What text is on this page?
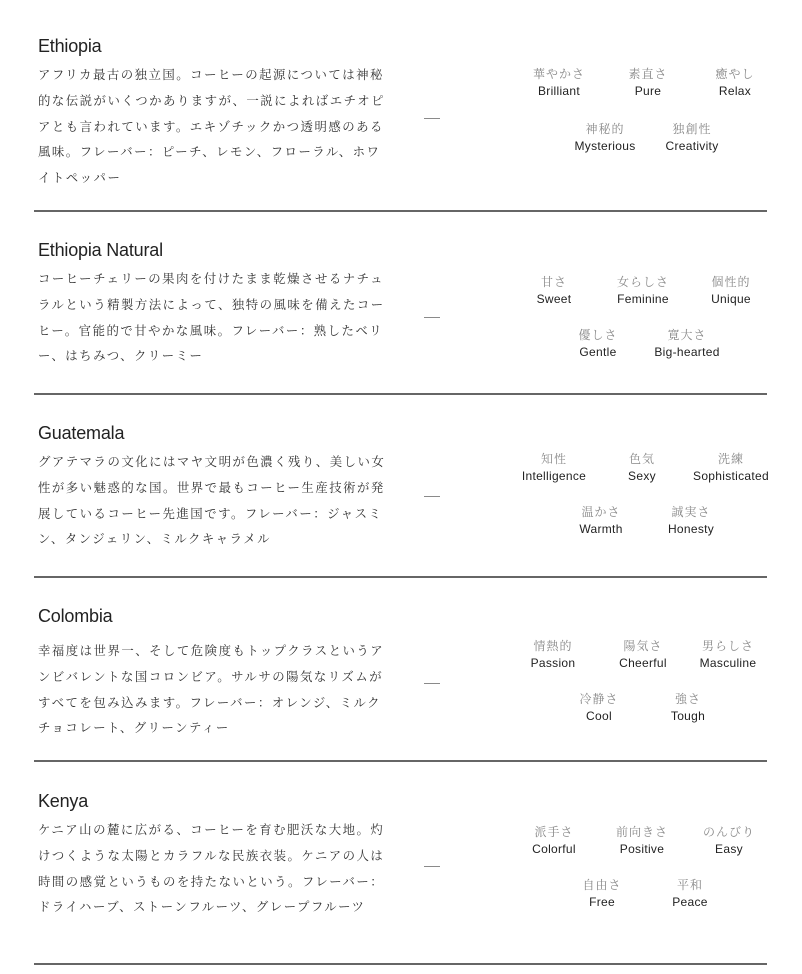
Ethiopia

アフリカ最古の独立国。コーヒーの起源については神秘的な伝説がいくつかありますが、一説によればエチオピアとも言われています。エキゾチックかつ透明感のある風味。フレーバー：ピーチ、レモン、フローラル、ホワイトペッパー

華やかさ
Brilliant
素直さ
Pure
癒やし
Relax
神秘的
Mysterious
独創性
Creativity
Ethiopia Natural

コーヒーチェリーの果肉を付けたまま乾燥させるナチュラルという精製方法によって、独特の風味を備えたコーヒー。官能的で甘やかな風味。フレーバー：熟したベリー、はちみつ、クリーミー

甘さ
Sweet
女らしさ
Feminine
個性的
Unique
優しさ
Gentle
寛大さ
Big-hearted
Guatemala

グアテマラの文化にはマヤ文明が色濃く残り、美しい女性が多い魅惑的な国。世界で最もコーヒー生産技術が発展しているコーヒー先進国です。フレーバー：ジャスミン、タンジェリン、ミルクキャラメル

知性
Intelligence
色気
Sexy
洗練
Sophisticated
温かさ
Warmth
誠実さ
Honesty
Colombia

幸福度は世界一、そして危険度もトップクラスというアンビバレントな国コロンビア。サルサの陽気なリズムがすべてを包み込みます。フレーバー：オレンジ、ミルクチョコレート、グリーンティー

情熱的
Passion
陽気さ
Cheerful
男らしさ
Masculine
冷静さ
Cool
強さ
Tough
Kenya

ケニア山の麓に広がる、コーヒーを育む肥沃な大地。灼けつくような太陽とカラフルな民族衣装。ケニアの人は時間の感覚というものを持たないという。フレーバー：ドライハーブ、ストーンフルーツ、グレープフルーツ

派手さ
Colorful
前向きさ
Positive
のんびり
Easy
自由さ
Free
平和
Peace
